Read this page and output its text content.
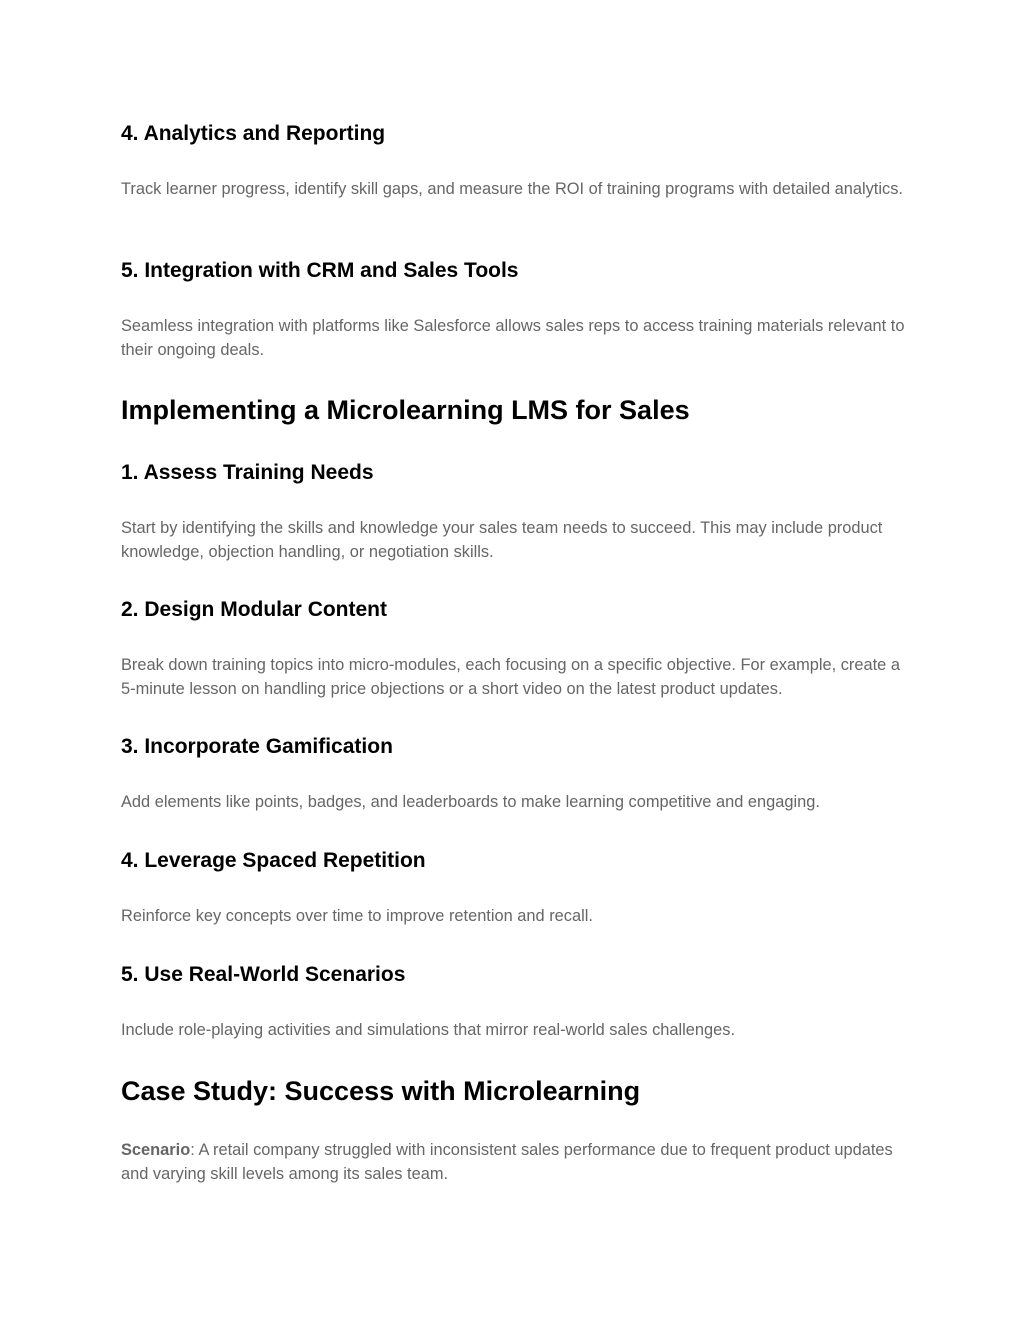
4. Analytics and Reporting

Track learner progress, identify skill gaps, and measure the ROI of training programs with detailed analytics.

5. Integration with CRM and Sales Tools

Seamless integration with platforms like Salesforce allows sales reps to access training materials relevant to their ongoing deals.

Implementing a Microlearning LMS for Sales
1. Assess Training Needs

Start by identifying the skills and knowledge your sales team needs to succeed. This may include product knowledge, objection handling, or negotiation skills.

2. Design Modular Content

Break down training topics into micro-modules, each focusing on a specific objective. For example, create a 5-minute lesson on handling price objections or a short video on the latest product updates.

3. Incorporate Gamification

Add elements like points, badges, and leaderboards to make learning competitive and engaging.

4. Leverage Spaced Repetition

Reinforce key concepts over time to improve retention and recall.

5. Use Real-World Scenarios

Include role-playing activities and simulations that mirror real-world sales challenges.

Case Study: Success with Microlearning

Scenario: A retail company struggled with inconsistent sales performance due to frequent product updates and varying skill levels among its sales team.
